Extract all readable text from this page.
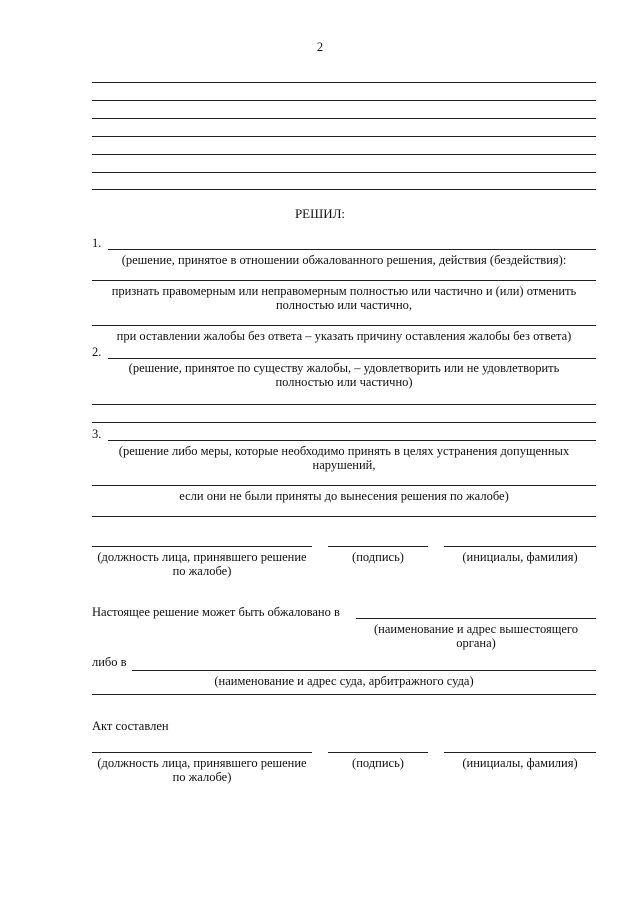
2
РЕШИЛ:
1.
(решение, принятое в отношении обжалованного решения, действия (бездействия):
признать правомерным или неправомерным полностью или частично и (или) отменить
полностью или частично,
при оставлении жалобы без ответа – указать причину оставления жалобы без ответа)
2.
(решение, принятое по существу жалобы, – удовлетворить или не удовлетворить
полностью или частично)
3.
(решение либо меры, которые необходимо принять в целях устранения допущенных
нарушений,
если они не были приняты до вынесения решения по жалобе)
(должность лица, принявшего решение
по жалобе)
(подпись)	(инициалы, фамилия)
Настоящее решение может быть обжаловано в
(наименование и адрес вышестоящего
органа)
либо в
(наименование и адрес суда, арбитражного суда)
Акт составлен
(должность лица, принявшего решение
по жалобе)
(подпись)	(инициалы, фамилия)
